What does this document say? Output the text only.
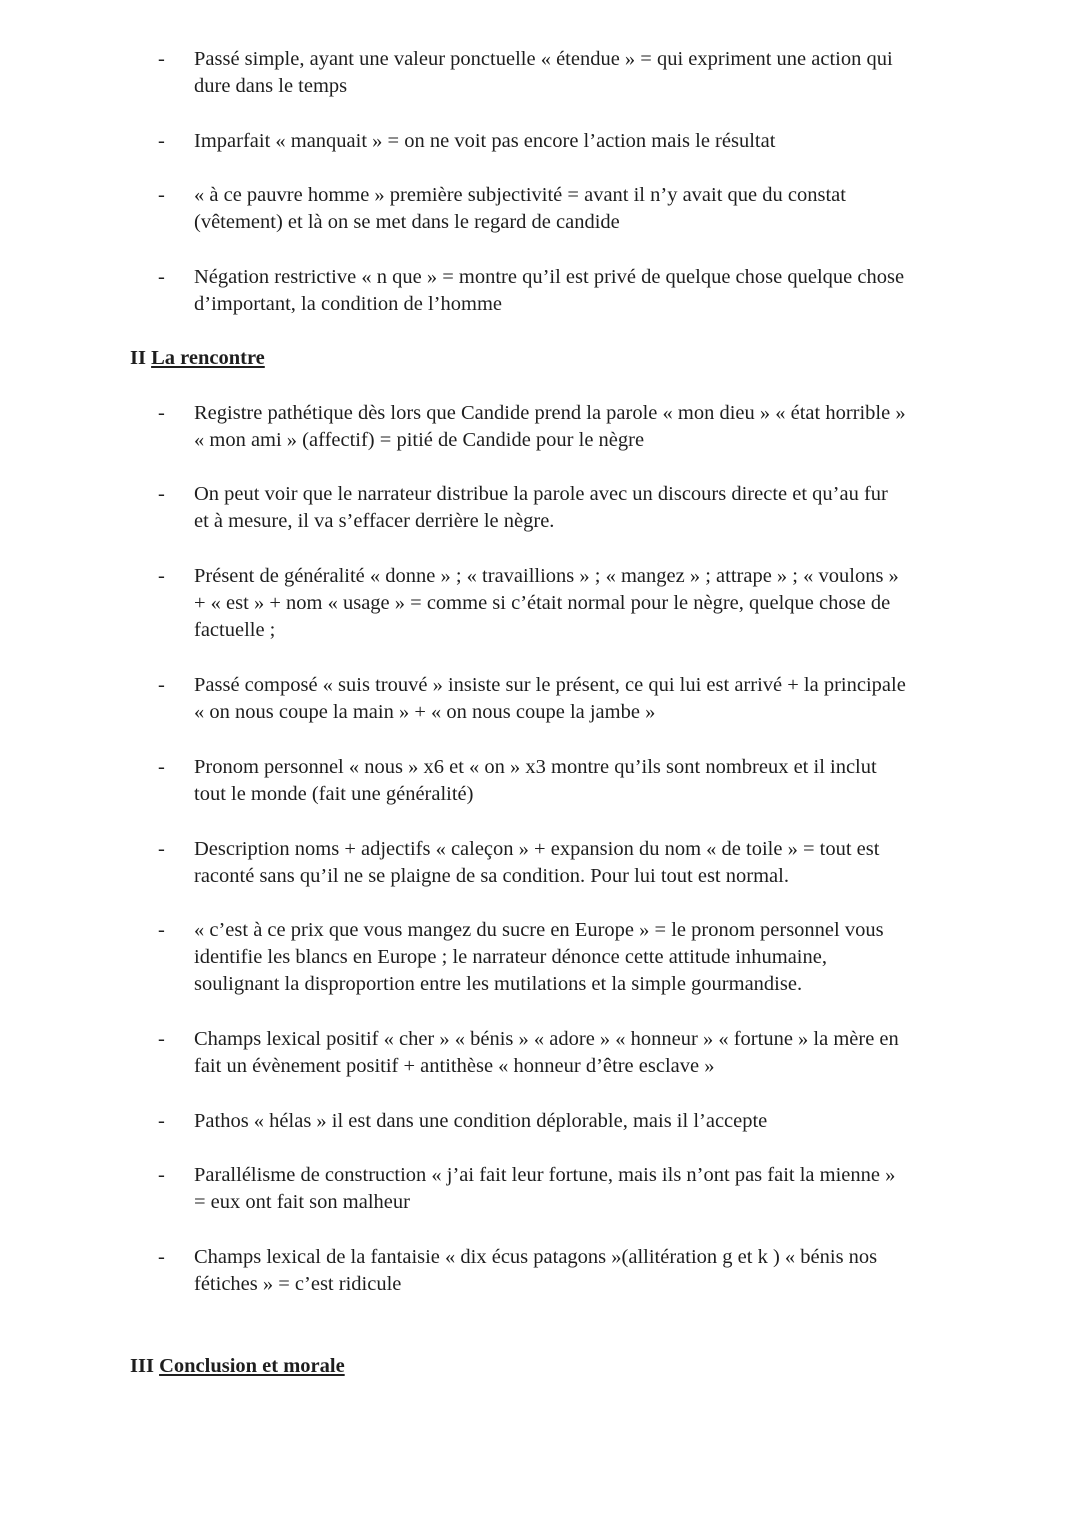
- Passé simple, ayant une valeur ponctuelle « étendue » = qui expriment une action qui
dure dans le temps
- Imparfait « manquait » = on ne voit pas encore l’action mais le résultat
- « à ce pauvre homme » première subjectivité = avant il n’y avait que du constat
(vêtement) et là on se met dans le regard de candide
- Négation restrictive « n que » = montre qu’il est privé de quelque chose quelque chose
d’important, la condition de l’homme
II La rencontre
- Registre pathétique dès lors que Candide prend la parole « mon dieu » « état horrible »
« mon ami » (affectif) = pitié de Candide pour le nègre
- On peut voir que le narrateur distribue la parole avec un discours directe et qu’au fur
et à mesure, il va s’effacer derrière le nègre.
- Présent de généralité « donne » ; « travaillions » ; « mangez » ; attrape » ; « voulons »
+ « est » + nom « usage » = comme si c’était normal pour le nègre, quelque chose de
factuelle ;
- Passé composé « suis trouvé » insiste sur le présent, ce qui lui est arrivé + la principale
« on nous coupe la main » + « on nous coupe la jambe »
- Pronom personnel « nous » x6 et « on » x3 montre qu’ils sont nombreux et il inclut
tout le monde (fait une généralité)
- Description noms + adjectifs « caleçon » + expansion du nom « de toile » = tout est
raconté sans qu’il ne se plaigne de sa condition. Pour lui tout est normal.
- « c’est à ce prix que vous mangez du sucre en Europe » = le pronom personnel vous
identifie les blancs en Europe ; le narrateur dénonce cette attitude inhumaine,
soulignant la disproportion entre les mutilations et la simple gourmandise.
- Champs lexical positif « cher » « bénis » « adore » « honneur » « fortune » la mère en
fait un évènement positif + antithèse « honneur d’être esclave »
- Pathos « hélas » il est dans une condition déplorable, mais il l’accepte
- Parallélisme de construction « j’ai fait leur fortune, mais ils n’ont pas fait la mienne »
= eux ont fait son malheur
- Champs lexical de la fantaisie « dix écus patagons »(allitération g et k ) « bénis nos
fétiches » = c’est ridicule
III Conclusion et morale
